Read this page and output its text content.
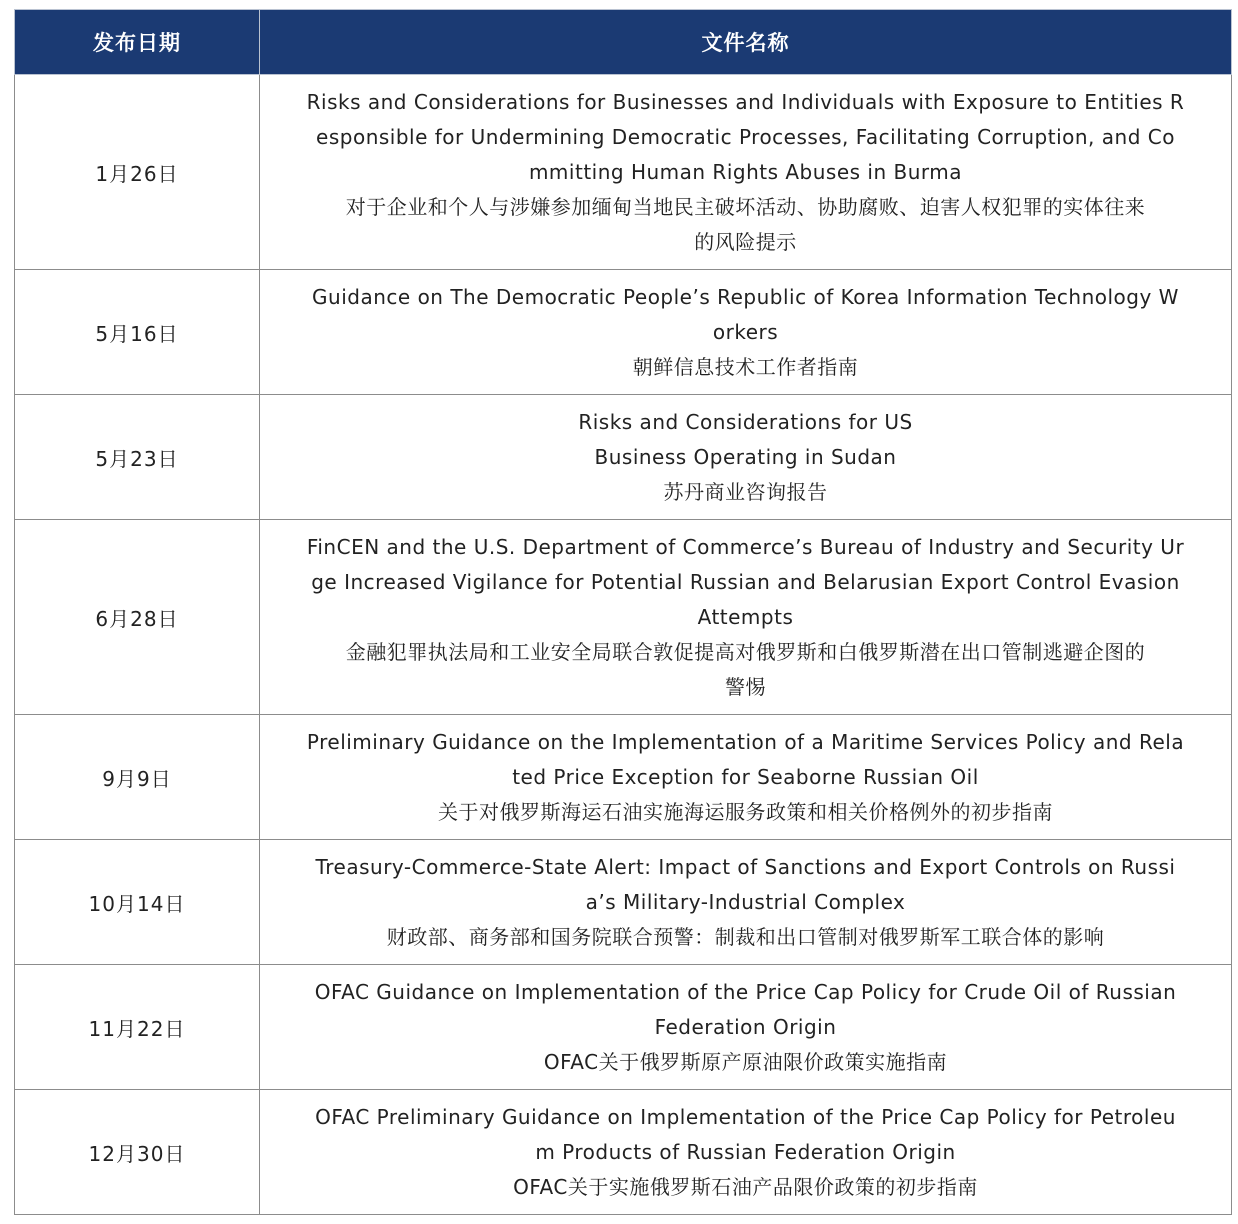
发布日期	文件名称
1月26日	Risks and Considerations for Businesses and Individuals with Exposure to Entities R
esponsible for Undermining Democratic Processes, Facilitating Corruption, and Co
mmitting Human Rights Abuses in Burma
对于企业和个人与涉嫌参加缅甸当地民主破坏活动、协助腐败、迫害人权犯罪的实体往来
的风险提示

5月16日	Guidance on The Democratic People’s Republic of Korea Information Technology W
orkers
朝鲜信息技术工作者指南

5月23日	Risks and Considerations for US
Business Operating in Sudan
苏丹商业咨询报告

6月28日	FinCEN and the U.S. Department of Commerce’s Bureau of Industry and Security Ur
ge Increased Vigilance for Potential Russian and Belarusian Export Control Evasion
Attempts
金融犯罪执法局和工业安全局联合敦促提高对俄罗斯和白俄罗斯潜在出口管制逃避企图的
警惕

9月9日	Preliminary Guidance on the Implementation of a Maritime Services Policy and Rela
ted Price Exception for Seaborne Russian Oil
关于对俄罗斯海运石油实施海运服务政策和相关价格例外的初步指南

10月14日	Treasury-Commerce-State Alert: Impact of Sanctions and Export Controls on Russi
a’s Military-Industrial Complex
财政部、商务部和国务院联合预警：制裁和出口管制对俄罗斯军工联合体的影响

11月22日	OFAC Guidance on Implementation of the Price Cap Policy for Crude Oil of Russian
Federation Origin
OFAC关于俄罗斯原产原油限价政策实施指南

12月30日	OFAC Preliminary Guidance on Implementation of the Price Cap Policy for Petroleu
m Products of Russian Federation Origin
OFAC关于实施俄罗斯石油产品限价政策的初步指南
